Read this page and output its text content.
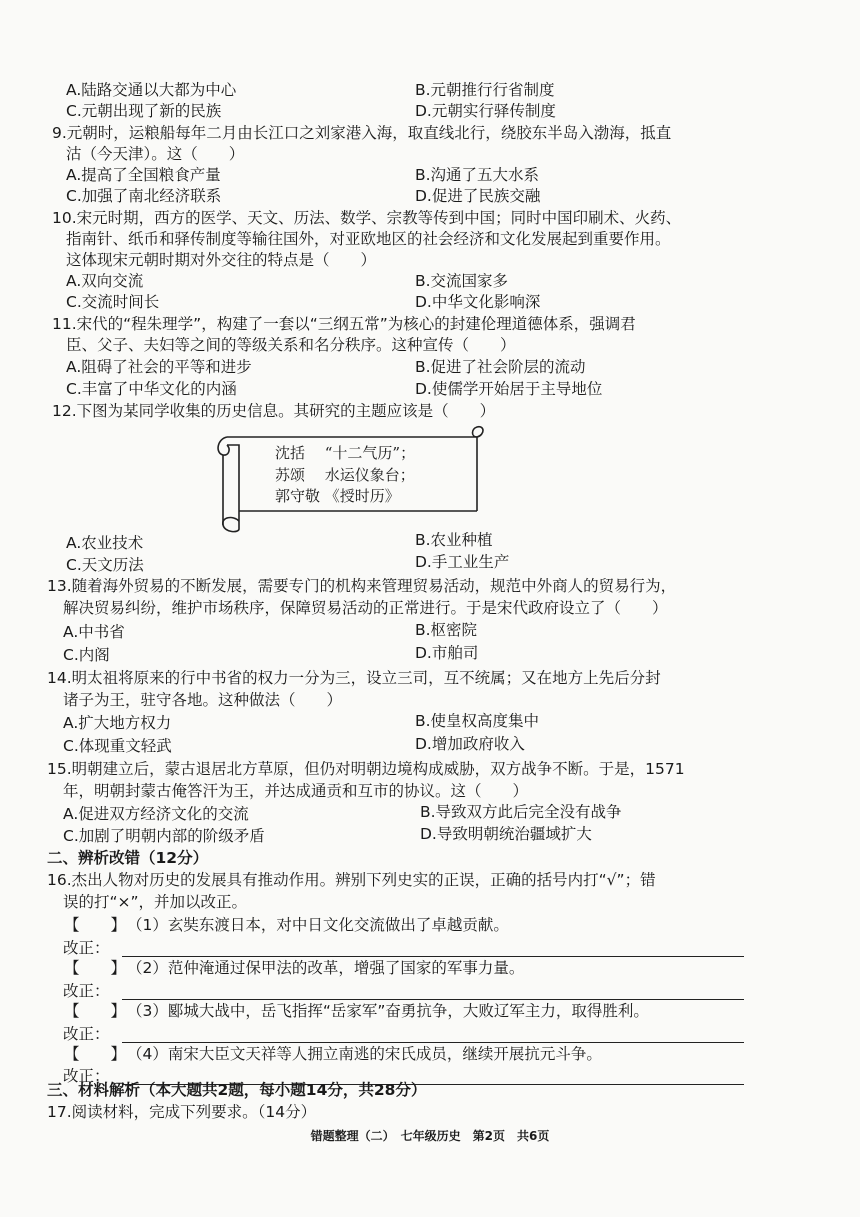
A.陆路交通以大都为中心	B.元朝推行行省制度
C.元朝出现了新的民族	D.元朝实行驿传制度
9.元朝时，运粮船每年二月由长江口之刘家港入海，取直线北行，绕胶东半岛入渤海，抵直
沽（今天津）。这（　　）
A.提高了全国粮食产量	B.沟通了五大水系
C.加强了南北经济联系	D.促进了民族交融
10.宋元时期，西方的医学、天文、历法、数学、宗教等传到中国；同时中国印刷术、火药、
指南针、纸币和驿传制度等输往国外，对亚欧地区的社会经济和文化发展起到重要作用。
这体现宋元朝时期对外交往的特点是（　　）
A.双向交流	B.交流国家多
C.交流时间长	D.中华文化影响深
11.宋代的“程朱理学”，构建了一套以“三纲五常”为核心的封建伦理道德体系，强调君
臣、父子、夫妇等之间的等级关系和名分秩序。这种宣传（　　）
A.阻碍了社会的平等和进步	B.促进了社会阶层的流动
C.丰富了中华文化的内涵	D.使儒学开始居于主导地位
12.下图为某同学收集的历史信息。其研究的主题应该是（　　）
沈括　 “十二气历”；
苏颂　 水运仪象台；
郭守敬 《授时历》
A.农业技术	B.农业种植
C.天文历法	D.手工业生产
13.随着海外贸易的不断发展，需要专门的机构来管理贸易活动，规范中外商人的贸易行为，
解决贸易纠纷，维护市场秩序，保障贸易活动的正常进行。于是宋代政府设立了（　　）
A.中书省	B.枢密院
C.内阁	D.市舶司
14.明太祖将原来的行中书省的权力一分为三，设立三司，互不统属；又在地方上先后分封
诸子为王，驻守各地。这种做法（　　）
A.扩大地方权力	B.使皇权高度集中
C.体现重文轻武	D.增加政府收入
15.明朝建立后，蒙古退居北方草原，但仍对明朝边境构成威胁，双方战争不断。于是，1571
年，明朝封蒙古俺答汗为王，并达成通贡和互市的协议。这（　　）
A.促进双方经济文化的交流	B.导致双方此后完全没有战争
C.加剧了明朝内部的阶级矛盾	D.导致明朝统治疆域扩大
二、辨析改错（12分）
16.杰出人物对历史的发展具有推动作用。辨别下列史实的正误，正确的括号内打“√”；错
误的打“×”，并加以改正。
【　　】 （1）玄奘东渡日本，对中日文化交流做出了卓越贡献。
改正：
【　　】 （2）范仲淹通过保甲法的改革，增强了国家的军事力量。
改正：
【　　】 （3）郾城大战中，岳飞指挥“岳家军”奋勇抗争，大败辽军主力，取得胜利。
改正：
【　　】 （4）南宋大臣文天祥等人拥立南逃的宋氏成员，继续开展抗元斗争。
改正：
三、材料解析（本大题共2题，每小题14分，共28分）
17.阅读材料，完成下列要求。（14分）
错题整理（二）　七年级历史　第2页　共6页
